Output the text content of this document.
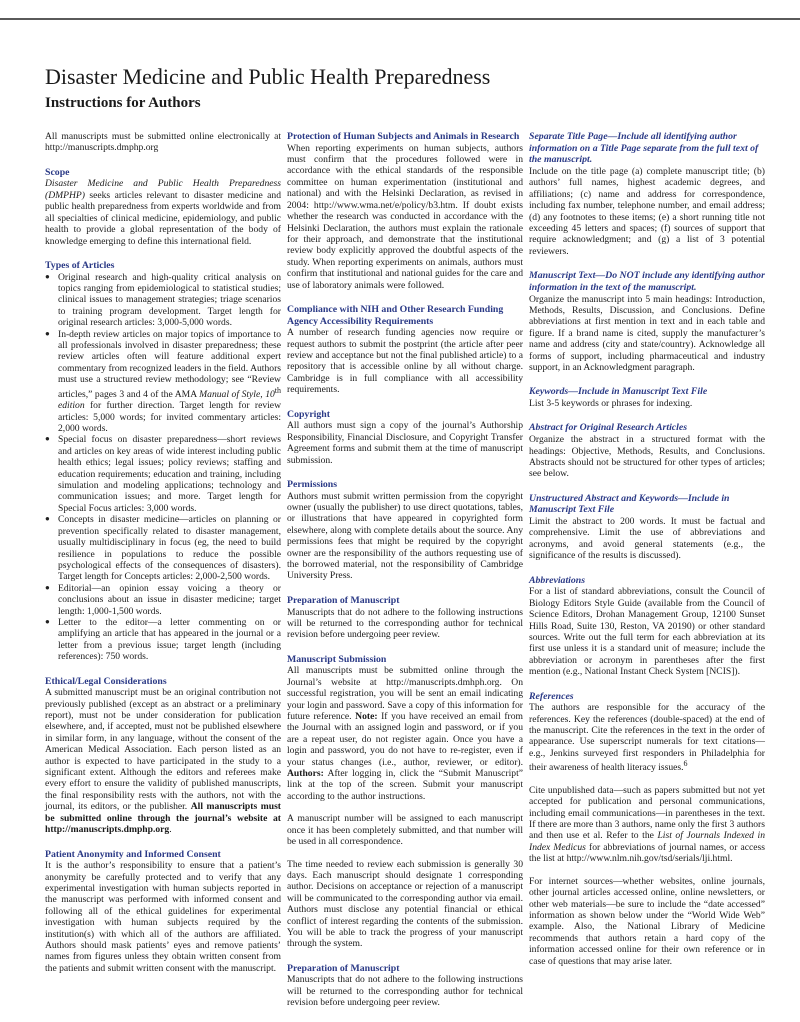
Disaster Medicine and Public Health Preparedness
Instructions for Authors

All manuscripts must be submitted online electronically at http://manuscripts.dmphp.org

Scope

Disaster Medicine and Public Health Preparedness (DMPHP) seeks articles relevant to disaster medicine and public health preparedness from experts worldwide and from all specialties of clinical medicine, epidemiology, and public health to provide a global representation of the body of knowledge emerging to define this international field.

Types of Articles
● Original research and high-quality critical analysis on topics ranging from epidemiological to statistical studies; clinical issues to management strategies; triage scenarios to training program development. Target length for original research articles: 3,000-5,000 words.
● In-depth review articles on major topics of importance to all professionals involved in disaster preparedness; these review articles often will feature additional expert commentary from recognized leaders in the field. Authors must use a structured review methodology; see “Review articles,” pages 3 and 4 of the AMA Manual of Style, 10th edition for further direction. Target length for review articles: 5,000 words; for invited commentary articles: 2,000 words.
● Special focus on disaster preparedness—short reviews and articles on key areas of wide interest including public health ethics; legal issues; policy reviews; staffing and education requirements; education and training, including simulation and modeling applications; technology and communication issues; and more. Target length for Special Focus articles: 3,000 words.
● Concepts in disaster medicine—articles on planning or prevention specifically related to disaster management, usually multidisciplinary in focus (eg, the need to build resilience in populations to reduce the possible psychological effects of the consequences of disasters). Target length for Concepts articles: 2,000-2,500 words.
● Editorial—an opinion essay voicing a theory or conclusions about an issue in disaster medicine; target length: 1,000-1,500 words.
● Letter to the editor—a letter commenting on or amplifying an article that has appeared in the journal or a letter from a previous issue; target length (including references): 750 words.
Ethical/Legal Considerations

A submitted manuscript must be an original contribution not previously published (except as an abstract or a preliminary report), must not be under consideration for publication elsewhere, and, if accepted, must not be published elsewhere in similar form, in any language, without the consent of the American Medical Association. Each person listed as an author is expected to have participated in the study to a significant extent. Although the editors and referees make every effort to ensure the validity of published manuscripts, the final responsibility rests with the authors, not with the journal, its editors, or the publisher. All manuscripts must be submitted online through the journal’s website at http://manuscripts.dmphp.org.

Patient Anonymity and Informed Consent

It is the author’s responsibility to ensure that a patient’s anonymity be carefully protected and to verify that any experimental investigation with human subjects reported in the manuscript was performed with informed consent and following all of the ethical guidelines for experimental investigation with human subjects required by the institution(s) with which all of the authors are affiliated. Authors should mask patients’ eyes and remove patients’ names from figures unless they obtain written consent from the patients and submit written consent with the manuscript.

Protection of Human Subjects and Animals in Research

When reporting experiments on human subjects, authors must confirm that the procedures followed were in accordance with the ethical standards of the responsible committee on human experimentation (institutional and national) and with the Helsinki Declaration, as revised in 2004: http://www.wma.net/e/policy/b3.htm. If doubt exists whether the research was conducted in accordance with the Helsinki Declaration, the authors must explain the rationale for their approach, and demonstrate that the institutional review body explicitly approved the doubtful aspects of the study. When reporting experiments on animals, authors must confirm that institutional and national guides for the care and use of laboratory animals were followed.

Compliance with NIH and Other Research Funding Agency Accessibility Requirements

A number of research funding agencies now require or request authors to submit the postprint (the article after peer review and acceptance but not the final published article) to a repository that is accessible online by all without charge. Cambridge is in full compliance with all accessibility requirements.

Copyright

All authors must sign a copy of the journal’s Authorship Responsibility, Financial Disclosure, and Copyright Transfer Agreement forms and submit them at the time of manuscript submission.

Permissions

Authors must submit written permission from the copyright owner (usually the publisher) to use direct quotations, tables, or illustrations that have appeared in copyrighted form elsewhere, along with complete details about the source. Any permissions fees that might be required by the copyright owner are the responsibility of the authors requesting use of the borrowed material, not the responsibility of Cambridge University Press.

Preparation of Manuscript

Manuscripts that do not adhere to the following instructions will be returned to the corresponding author for technical revision before undergoing peer review.

Manuscript Submission

All manuscripts must be submitted online through the Journal’s website at http://manuscripts.dmhph.org. On successful registration, you will be sent an email indicating your login and password. Save a copy of this information for future reference. Note: If you have received an email from the Journal with an assigned login and password, or if you are a repeat user, do not register again. Once you have a login and password, you do not have to re-register, even if your status changes (i.e., author, reviewer, or editor). Authors: After logging in, click the “Submit Manuscript” link at the top of the screen. Submit your manuscript according to the author instructions.

A manuscript number will be assigned to each manuscript once it has been completely submitted, and that number will be used in all correspondence.

The time needed to review each submission is generally 30 days. Each manuscript should designate 1 corresponding author. Decisions on acceptance or rejection of a manuscript will be communicated to the corresponding author via email. Authors must disclose any potential financial or ethical conflict of interest regarding the contents of the submission. You will be able to track the progress of your manuscript through the system.

Preparation of Manuscript

Manuscripts that do not adhere to the following instructions will be returned to the corresponding author for technical revision before undergoing peer review.

Separate Title Page—Include all identifying author information on a Title Page separate from the full text of the manuscript.

Include on the title page (a) complete manuscript title; (b) authors’ full names, highest academic degrees, and affiliations; (c) name and address for correspondence, including fax number, telephone number, and email address; (d) any footnotes to these items; (e) a short running title not exceeding 45 letters and spaces; (f) sources of support that require acknowledgment; and (g) a list of 3 potential reviewers.

Manuscript Text—Do NOT include any identifying author information in the text of the manuscript.

Organize the manuscript into 5 main headings: Introduction, Methods, Results, Discussion, and Conclusions. Define abbreviations at first mention in text and in each table and figure. If a brand name is cited, supply the manufacturer’s name and address (city and state/country). Acknowledge all forms of support, including pharmaceutical and industry support, in an Acknowledgment paragraph.

Keywords—Include in Manuscript Text File

List 3-5 keywords or phrases for indexing.

Abstract for Original Research Articles

Organize the abstract in a structured format with the headings: Objective, Methods, Results, and Conclusions. Abstracts should not be structured for other types of articles; see below.

Unstructured Abstract and Keywords—Include in Manuscript Text File

Limit the abstract to 200 words. It must be factual and comprehensive. Limit the use of abbreviations and acronyms, and avoid general statements (e.g., the significance of the results is discussed).

Abbreviations

For a list of standard abbreviations, consult the Council of Biology Editors Style Guide (available from the Council of Science Editors, Drohan Management Group, 12100 Sunset Hills Road, Suite 130, Reston, VA 20190) or other standard sources. Write out the full term for each abbreviation at its first use unless it is a standard unit of measure; include the abbreviation or acronym in parentheses after the first mention (e.g., National Instant Check System [NCIS]).

References

The authors are responsible for the accuracy of the references. Key the references (double-spaced) at the end of the manuscript. Cite the references in the text in the order of appearance. Use superscript numerals for text citations—e.g., Jenkins surveyed first responders in Philadelphia for their awareness of health literacy issues.$^6$

Cite unpublished data—such as papers submitted but not yet accepted for publication and personal communications, including email communications—in parentheses in the text. If there are more than 3 authors, name only the first 3 authors and then use et al. Refer to the List of Journals Indexed in Index Medicus for abbreviations of journal names, or access the list at http://www.nlm.nih.gov/tsd/serials/lji.html.

For internet sources—whether websites, online journals, other journal articles accessed online, online newsletters, or other web materials—be sure to include the “date accessed” information as shown below under the “World Wide Web” example. Also, the National Library of Medicine recommends that authors retain a hard copy of the information accessed online for their own reference or in case of questions that may arise later.
